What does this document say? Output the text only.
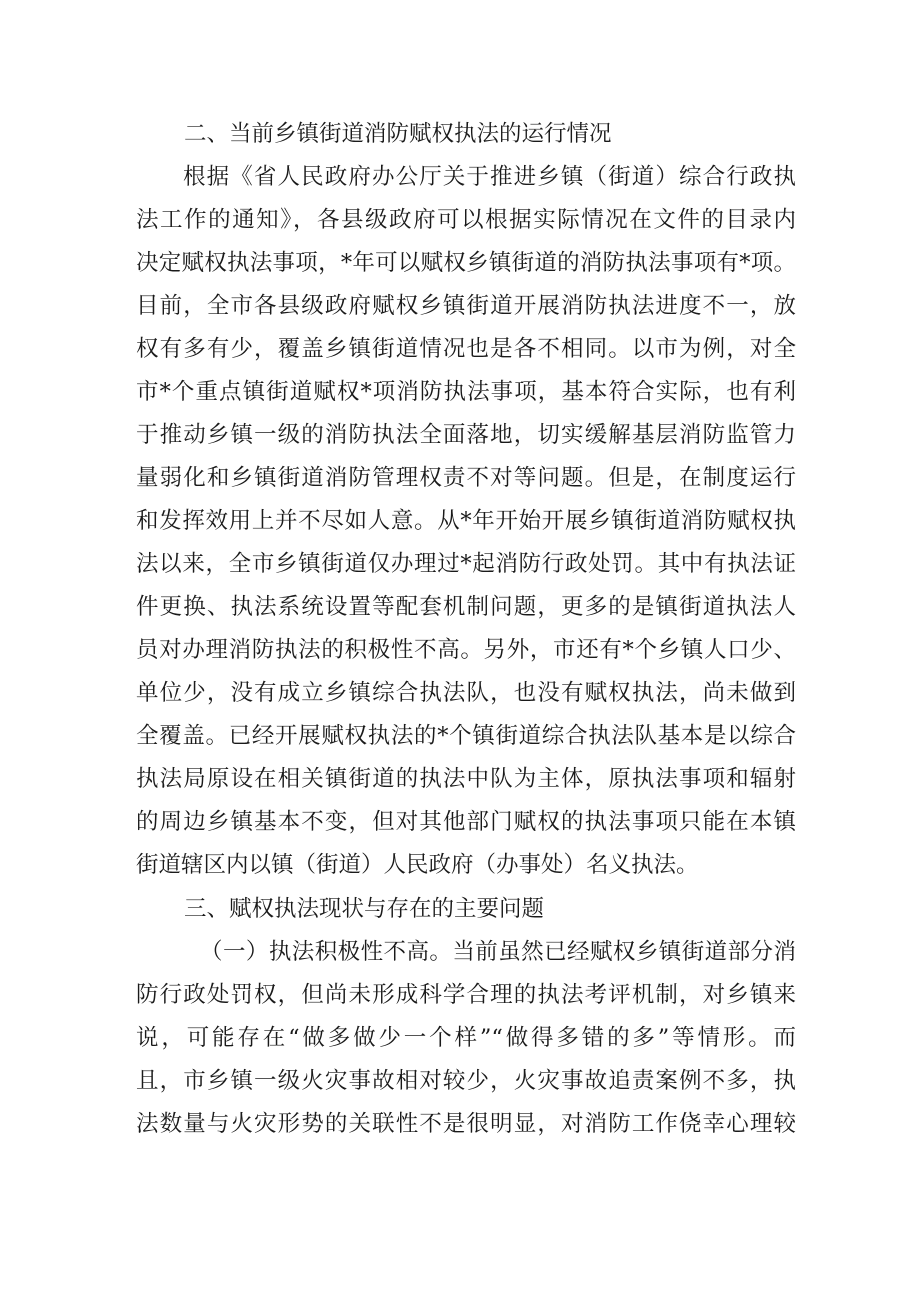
二、当前乡镇街道消防赋权执法的运行情况
根据《省人民政府办公厅关于推进乡镇（街道）综合行政执
法工作的通知》，各县级政府可以根据实际情况在文件的目录内
决定赋权执法事项，*年可以赋权乡镇街道的消防执法事项有*项。
目前，全市各县级政府赋权乡镇街道开展消防执法进度不一，放
权有多有少，覆盖乡镇街道情况也是各不相同。以市为例，对全
市*个重点镇街道赋权*项消防执法事项，基本符合实际，也有利
于推动乡镇一级的消防执法全面落地，切实缓解基层消防监管力
量弱化和乡镇街道消防管理权责不对等问题。但是，在制度运行
和发挥效用上并不尽如人意。从*年开始开展乡镇街道消防赋权执
法以来，全市乡镇街道仅办理过*起消防行政处罚。其中有执法证
件更换、执法系统设置等配套机制问题，更多的是镇街道执法人
员对办理消防执法的积极性不高。另外，市还有*个乡镇人口少、
单位少，没有成立乡镇综合执法队，也没有赋权执法，尚未做到
全覆盖。已经开展赋权执法的*个镇街道综合执法队基本是以综合
执法局原设在相关镇街道的执法中队为主体，原执法事项和辐射
的周边乡镇基本不变，但对其他部门赋权的执法事项只能在本镇
街道辖区内以镇（街道）人民政府（办事处）名义执法。
三、赋权执法现状与存在的主要问题
（一）执法积极性不高。当前虽然已经赋权乡镇街道部分消
防行政处罚权，但尚未形成科学合理的执法考评机制，对乡镇来
说，可能存在“做多做少一个样”“做得多错的多”等情形。而
且，市乡镇一级火灾事故相对较少，火灾事故追责案例不多，执
法数量与火灾形势的关联性不是很明显，对消防工作侥幸心理较
